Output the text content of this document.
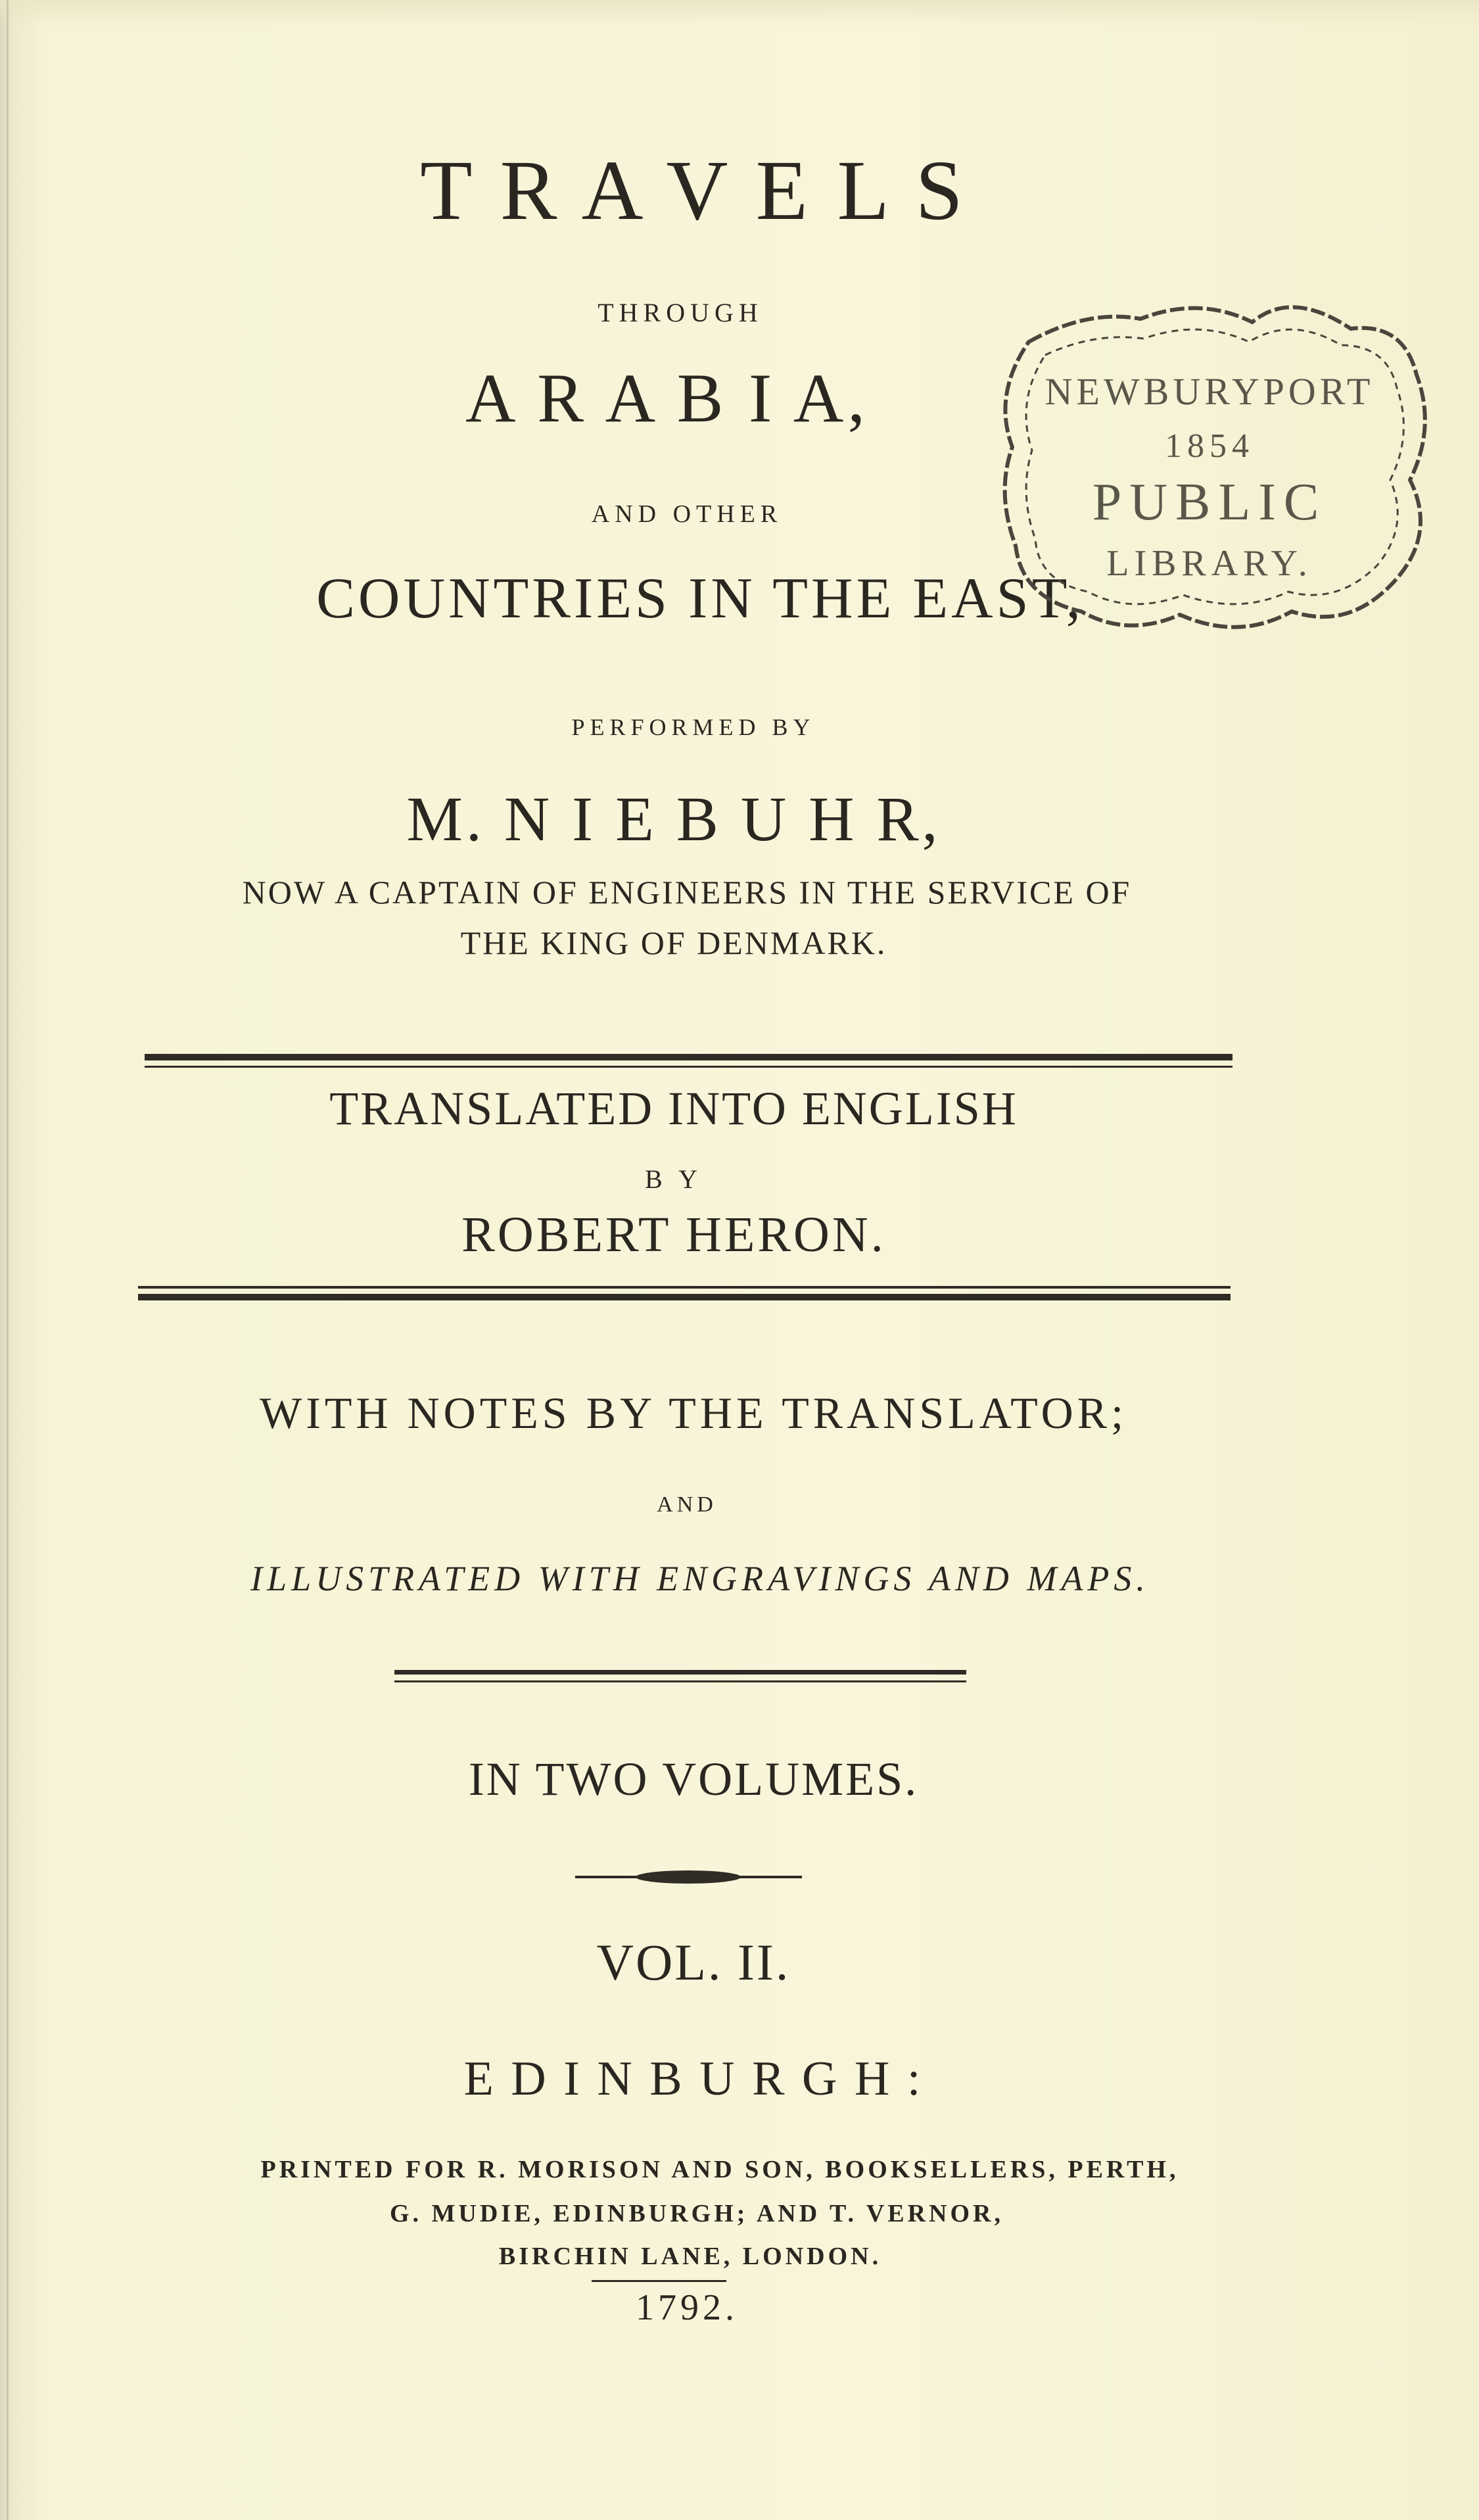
T R A V E L S
THROUGH
A R A B I A,
AND OTHER
COUNTRIES IN THE EAST,
PERFORMED BY
M. N I E B U H R,
NOW A CAPTAIN OF ENGINEERS IN THE SERVICE OF
THE KING OF DENMARK.
TRANSLATED INTO ENGLISH
B Y
ROBERT HERON.
WITH NOTES BY THE TRANSLATOR;
AND
ILLUSTRATED WITH ENGRAVINGS AND MAPS.
IN TWO VOLUMES.
VOL. II.
E D I N B U R G H :
PRINTED FOR R. MORISON AND SON, BOOKSELLERS, PERTH,
G. MUDIE, EDINBURGH; AND T. VERNOR,
BIRCHIN LANE, LONDON.
1792.
NEWBURYPORT
1854
PUBLIC
LIBRARY.
